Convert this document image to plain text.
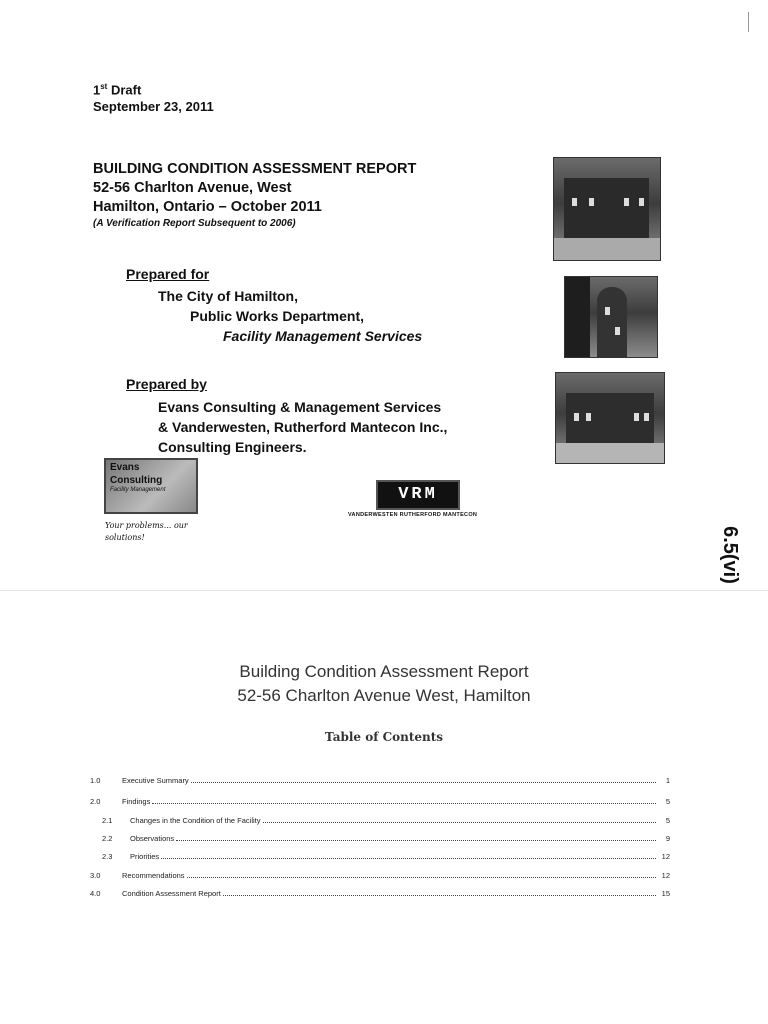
1st Draft
September 23, 2011
BUILDING CONDITION ASSESSMENT REPORT
52-56 Charlton Avenue, West
Hamilton, Ontario – October 2011
(A Verification Report Subsequent to 2006)
Prepared for
The City of Hamilton,
Public Works Department,
Facility Management Services
Prepared by
Evans Consulting & Management Services
& Vanderwesten, Rutherford Mantecon Inc.,
Consulting Engineers.
Evans
Consulting
Facility Management
Your problems... our solutions!
VRM
VANDERWESTEN RUTHERFORD MANTECON
6.5(vi)
Building Condition Assessment Report
52-56 Charlton Avenue West, Hamilton
Table of Contents
1.0	Executive Summary	1
2.0	Findings	5
2.1	Changes in the Condition of the Facility	5
2.2	Observations	9
2.3	Priorities	12
3.0	Recommendations	12
4.0	Condition Assessment Report	15
